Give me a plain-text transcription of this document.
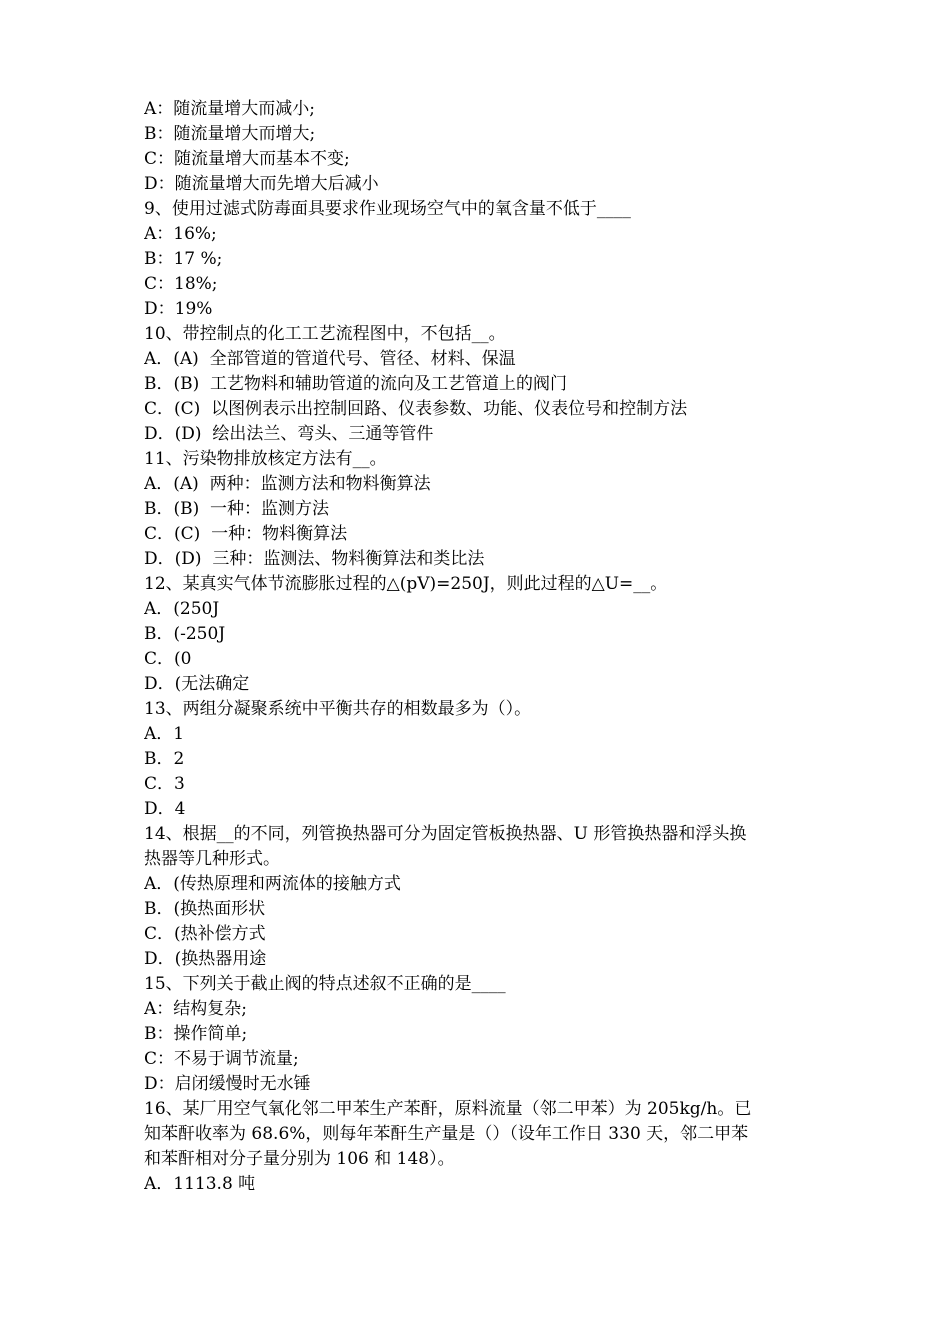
A：随流量增大而减小;
B：随流量增大而增大;
C：随流量增大而基本不变;
D：随流量增大而先增大后减小
9、使用过滤式防毒面具要求作业现场空气中的氧含量不低于____
A：16%;
B：17 %;
C：18%;
D：19%
10、带控制点的化工工艺流程图中，不包括__。
A．(A)  全部管道的管道代号、管径、材料、保温
B．(B)  工艺物料和辅助管道的流向及工艺管道上的阀门
C．(C)  以图例表示出控制回路、仪表参数、功能、仪表位号和控制方法
D．(D)  绘出法兰、弯头、三通等管件
11、污染物排放核定方法有__。
A．(A)  两种：监测方法和物料衡算法
B．(B)  一种：监测方法
C．(C)  一种：物料衡算法
D．(D)  三种：监测法、物料衡算法和类比法
12、某真实气体节流膨胀过程的△(pV)=250J，则此过程的△U=__。
A．(250J
B．(-250J
C．(0
D．(无法确定
13、两组分凝聚系统中平衡共存的相数最多为（）。
A．1
B．2
C．3
D．4
14、根据__的不同，列管换热器可分为固定管板换热器、U 形管换热器和浮头换
热器等几种形式。
A．(传热原理和两流体的接触方式
B．(换热面形状
C．(热补偿方式
D．(换热器用途
15、下列关于截止阀的特点述叙不正确的是____
A：结构复杂;
B：操作简单;
C：不易于调节流量;
D：启闭缓慢时无水锤
16、某厂用空气氧化邻二甲苯生产苯酐，原料流量（邻二甲苯）为 205kg/h。已
知苯酐收率为 68.6%，则每年苯酐生产量是（）（设年工作日 330 天，邻二甲苯
和苯酐相对分子量分别为 106 和 148）。
A．1113.8 吨
